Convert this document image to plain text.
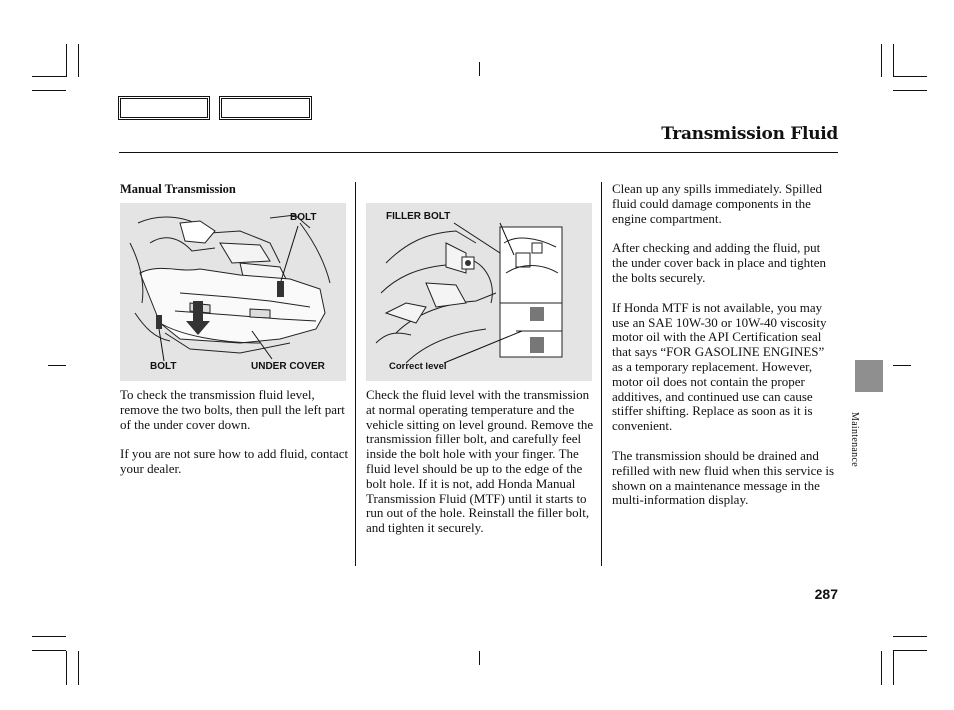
Transmission Fluid
Manual Transmission
BOLT
BOLT	UNDER COVER
FILLER BOLT
Correct level

To check the transmission fluid level, remove the two bolts, then pull the left part of the under cover down.

If you are not sure how to add fluid, contact your dealer.

Check the fluid level with the transmission at normal operating temperature and the vehicle sitting on level ground. Remove the transmission filler bolt, and carefully feel inside the bolt hole with your finger. The fluid level should be up to the edge of the bolt hole. If it is not, add Honda Manual Transmission Fluid (MTF) until it starts to run out of the hole. Reinstall the filler bolt, and tighten it securely.

Clean up any spills immediately. Spilled fluid could damage components in the engine compartment.

After checking and adding the fluid, put the under cover back in place and tighten the bolts securely.

If Honda MTF is not available, you may use an SAE 10W-30 or 10W-40 viscosity motor oil with the API Certification seal that says “FOR GASOLINE ENGINES” as a temporary replacement. However, motor oil does not contain the proper additives, and continued use can cause stiffer shifting. Replace as soon as it is convenient.

The transmission should be drained and refilled with new fluid when this service is shown on a maintenance message in the multi-information display.

Maintenance
287
